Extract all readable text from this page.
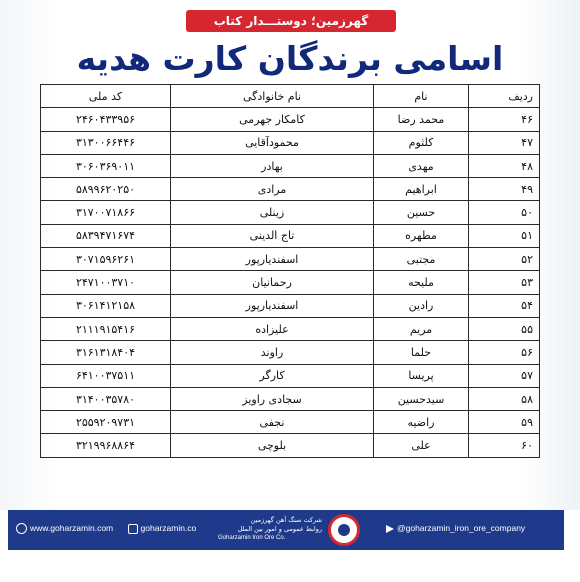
گهرزمین؛ دوستـــدار کتاب
اسامی برندگان کارت هدیه
ردیف	نام	نام خانوادگی	کد ملی
۴۶	محمد رضا	کامکار جهرمی	۲۴۶۰۴۳۳۹۵۶
۴۷	کلثوم	محمودآقایی	۳۱۳۰۰۶۶۴۴۶
۴۸	مهدی	بهادر	۳۰۶۰۳۶۹۰۱۱
۴۹	ابراهیم	مرادی	۵۸۹۹۶۲۰۲۵۰
۵۰	حسین	زینلی	۳۱۷۰۰۷۱۸۶۶
۵۱	مطهره	تاج الدینی	۵۸۳۹۴۷۱۶۷۴
۵۲	مجتبی	اسفندیارپور	۳۰۷۱۵۹۶۲۶۱
۵۳	ملیحه	رحمانیان	۲۴۷۱۰۰۳۷۱۰
۵۴	رادین	اسفندیارپور	۳۰۶۱۴۱۲۱۵۸
۵۵	مریم	علیزاده	۲۱۱۱۹۱۵۴۱۶
۵۶	حلما	راوند	۳۱۶۱۳۱۸۴۰۴
۵۷	پریسا	کارگر	۶۴۱۰۰۳۷۵۱۱
۵۸	سیدحسین	سجادی راویز	۳۱۴۰۰۳۵۷۸۰
۵۹	راضیه	نجفی	۲۵۵۹۲۰۹۷۳۱
۶۰	علی	بلوچی	۳۲۱۹۹۶۸۸۶۴
www.goharzamin.com	goharzamin.co
شرکت سنگ آهن گهرزمین
روابط عمومی و امور بین الملل
Goharzamin Iron Ore Co.
@goharzamin_iron_ore_company
